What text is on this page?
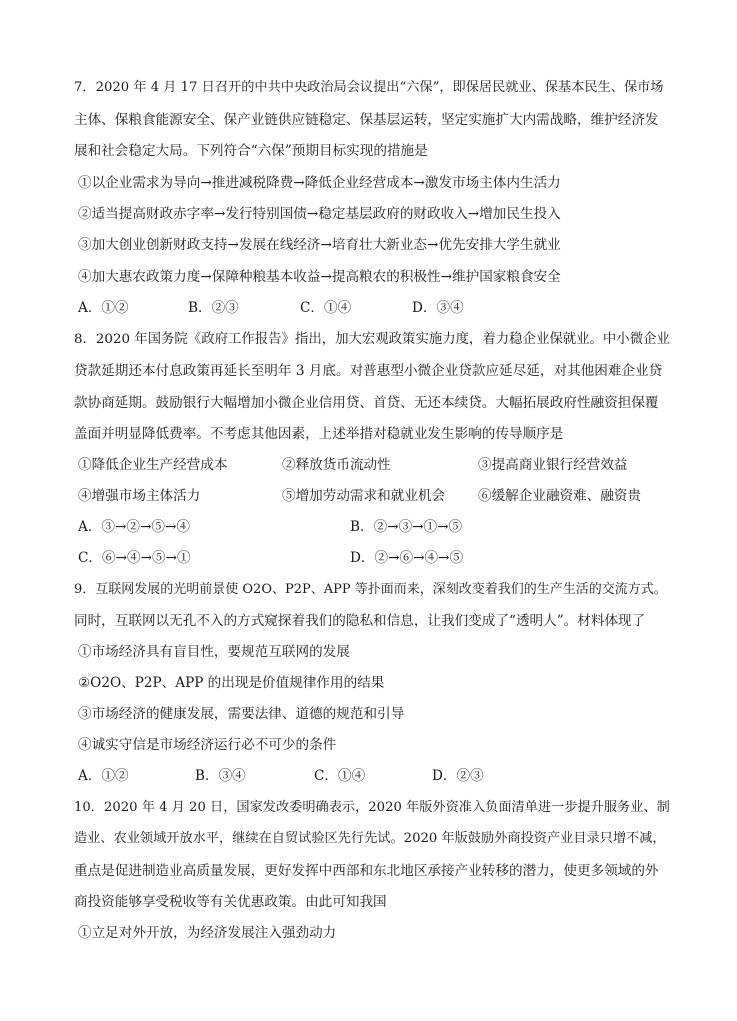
7．2020 年 4 月 17 日召开的中共中央政治局会议提出“六保”，即保居民就业、保基本民生、保市场
主体、保粮食能源安全、保产业链供应链稳定、保基层运转，坚定实施扩大内需战略，维护经济发
展和社会稳定大局。下列符合“六保”预期目标实现的措施是
①以企业需求为导向→推进减税降费→降低企业经营成本→激发市场主体内生活力
②适当提高财政赤字率→发行特别国债→稳定基层政府的财政收入→增加民生投入
③加大创业创新财政支持→发展在线经济→培育壮大新业态→优先安排大学生就业
④加大惠农政策力度→保障种粮基本收益→提高粮农的积极性→维护国家粮食安全
A．①②	B．②③	C．①④	D．③④
8．2020 年国务院《政府工作报告》指出，加大宏观政策实施力度，着力稳企业保就业。中小微企业
贷款延期还本付息政策再延长至明年 3 月底。对普惠型小微企业贷款应延尽延，对其他困难企业贷
款协商延期。鼓励银行大幅增加小微企业信用贷、首贷、无还本续贷。大幅拓展政府性融资担保覆
盖面并明显降低费率。不考虑其他因素，上述举措对稳就业发生影响的传导顺序是
①降低企业生产经营成本	②释放货币流动性	③提高商业银行经营效益
④增强市场主体活力	⑤增加劳动需求和就业机会 ⑥缓解企业融资难、融资贵
A．③→②→⑤→④	B．②→③→①→⑤
C．⑥→④→⑤→①	D．②→⑥→④→⑤
9．互联网发展的光明前景使 O2O、P2P、APP 等扑面而来，深刻改变着我们的生产生活的交流方式。
同时，互联网以无孔不入的方式窥探着我们的隐私和信息，让我们变成了“透明人”。材料体现了
①市场经济具有盲目性，要规范互联网的发展
②O2O、P2P、APP 的出现是价值规律作用的结果
③市场经济的健康发展，需要法律、道德的规范和引导
④诚实守信是市场经济运行必不可少的条件
A．①②	B．③④	C．①④	D．②③
10．2020 年 4 月 20 日，国家发改委明确表示，2020 年版外资准入负面清单进一步提升服务业、制
造业、农业领域开放水平，继续在自贸试验区先行先试。2020 年版鼓励外商投资产业目录只增不减，
重点是促进制造业高质量发展，更好发挥中西部和东北地区承接产业转移的潜力，使更多领域的外
商投资能够享受税收等有关优惠政策。由此可知我国
①立足对外开放，为经济发展注入强劲动力
